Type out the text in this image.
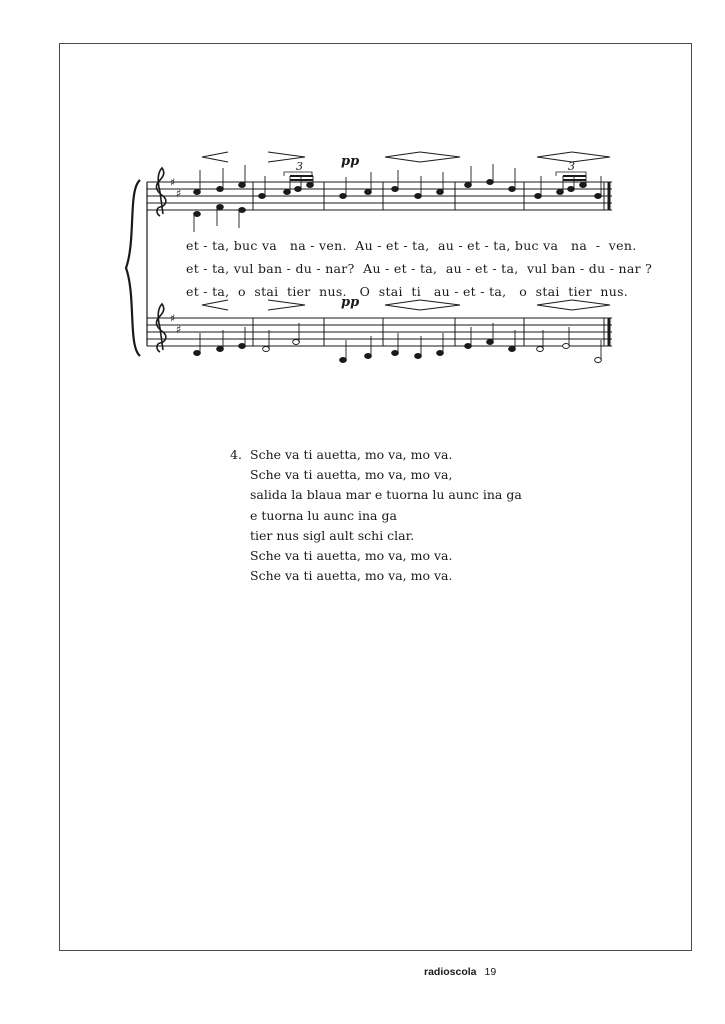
♯
♯
♯
♯
3	3
pp
pp
et - ta, buc va   na - ven.  Au - et - ta,  au - et - ta, buc va   na  -  ven.
et - ta, vul ban - du - nar?  Au - et - ta,  au - et - ta,  vul ban - du - nar ?
et - ta,  o  stai  tier  nus.   O  stai  ti   au - et - ta,   o  stai  tier  nus.
4. Sche va ti auetta, mo va, mo va.
Sche va ti auetta, mo va, mo va,
salida la blaua mar e tuorna lu aunc ina ga
e tuorna lu aunc ina ga
tier nus sigl ault schi clar.
Sche va ti auetta, mo va, mo va.
Sche va ti auetta, mo va, mo va.
radioscola 19
